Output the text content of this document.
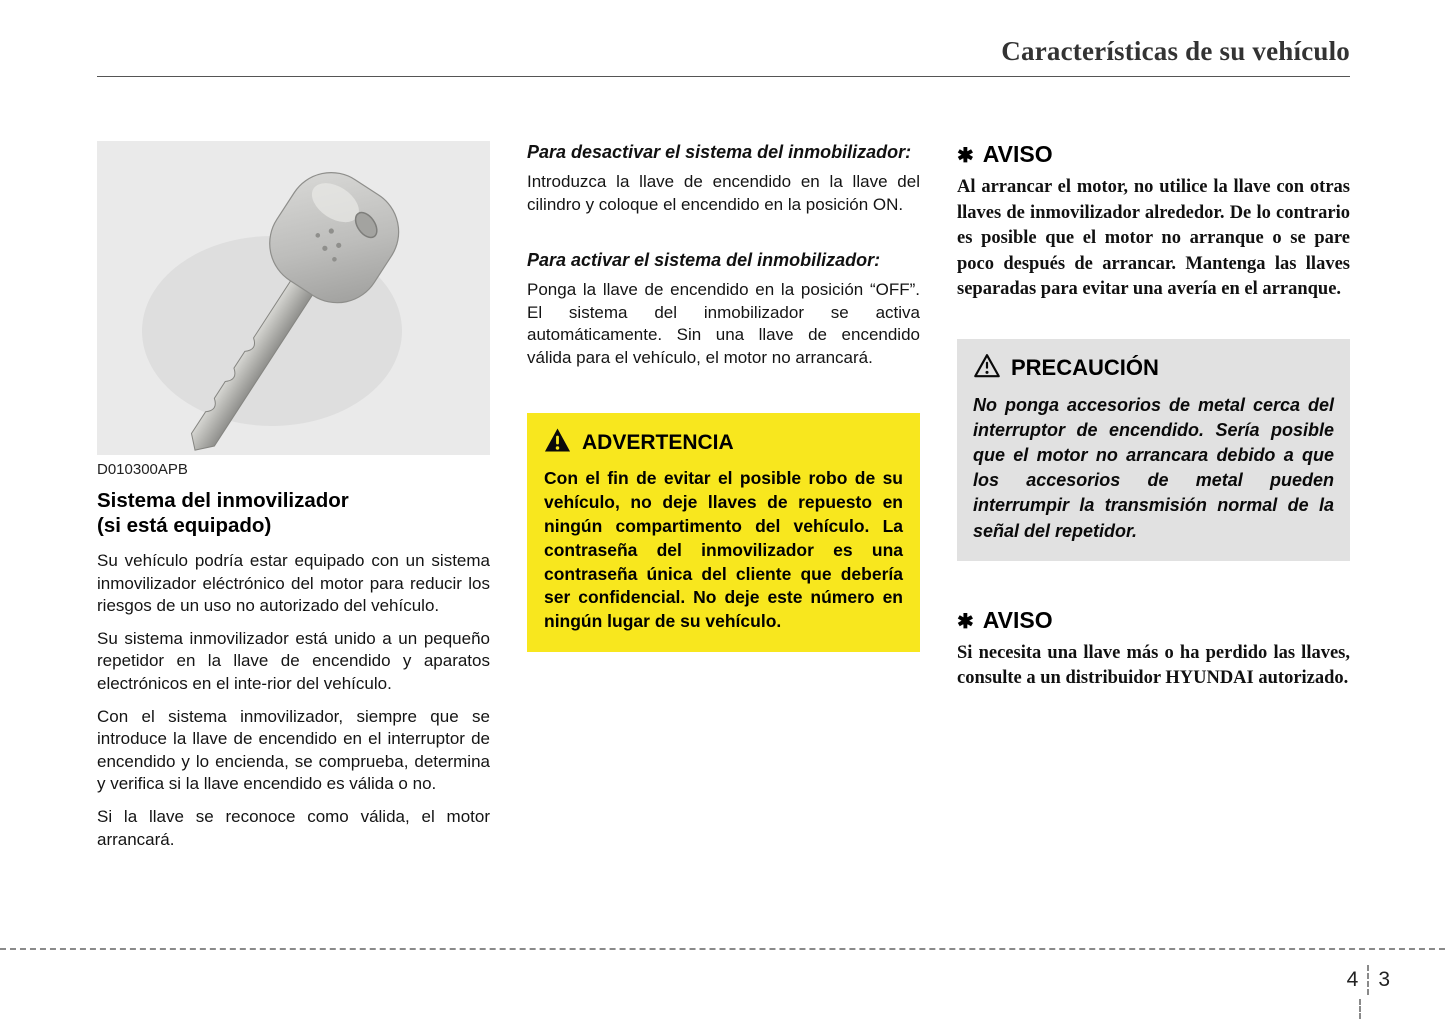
Características de su vehículo
D010300APB
Sistema del inmovilizador
(si está equipado)

Su vehículo podría estar equipado con un sistema inmovilizador eléctrónico del motor para reducir los riesgos de un uso no autorizado del vehículo.

Su sistema inmovilizador está unido a un pequeño repetidor en la llave de encendido y aparatos electrónicos en el inte-rior del vehículo.

Con el sistema inmovilizador, siempre que se introduce la llave de encendido en el interruptor de encendido y lo encienda, se comprueba, determina y verifica si la llave encendido es válida o no.

Si la llave se reconoce como válida, el motor arrancará.

Para desactivar el sistema del inmobilizador:

Introduzca la llave de encendido en la llave del cilindro y coloque el encendido en la posición ON.

Para activar el sistema del inmobilizador:

Ponga la llave de encendido en la posición “OFF”. El sistema del inmobilizador se activa automáticamente. Sin una llave de encendido válida para el vehículo, el motor no arrancará.

ADVERTENCIA
Con el fin de evitar el posible robo de su vehículo, no deje llaves de repuesto en ningún compartimento del vehículo. La contraseña del inmovilizador es una contraseña única del cliente que debería ser confidencial. No deje este número en ningún lugar de su vehículo.
✱ AVISO
Al arrancar el motor, no utilice la llave con otras llaves de inmovilizador alrededor. De lo contrario es posible que el motor no arranque o se pare poco después de arrancar. Mantenga las llaves separadas para evitar una avería en el arranque.
PRECAUCIÓN
No ponga accesorios de metal cerca del interruptor de encendido. Sería posible que el motor no arrancara debido a que los accesorios de metal pueden interrumpir la transmisión normal de la señal del repetidor.
✱ AVISO
Si necesita una llave más o ha perdido las llaves, consulte a un distribuidor HYUNDAI autorizado.
4 3
